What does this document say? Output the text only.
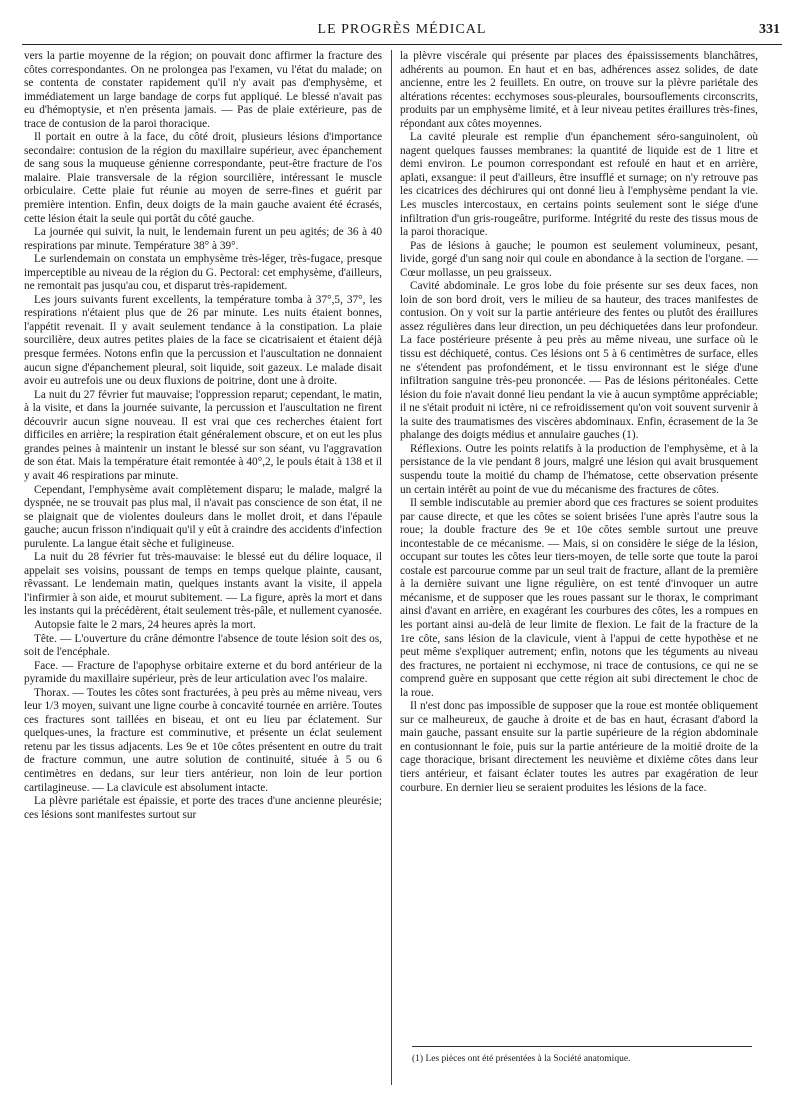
LE PROGRÈS MÉDICAL	331

vers la partie moyenne de la région; on pouvait donc affirmer la fracture des côtes correspondantes. On ne prolongea pas l'examen, vu l'état du malade; on se contenta de constater rapidement qu'il n'y avait pas d'emphysème, et immédiatement un large bandage de corps fut appliqué. Le blessé n'avait pas eu d'hémoptysie, et n'en présenta jamais. — Pas de plaie extérieure, pas de trace de contusion de la paroi thoracique.

Il portait en outre à la face, du côté droit, plusieurs lésions d'importance secondaire: contusion de la région du maxillaire supérieur, avec épanchement de sang sous la muqueuse génienne correspondante, peut-être fracture de l'os malaire. Plaie transversale de la région sourcilière, intéressant le muscle orbiculaire. Cette plaie fut réunie au moyen de serre-fines et guérit par première intention. Enfin, deux doigts de la main gauche avaient été écrasés, cette lésion était la seule qui portât du côté gauche.

La journée qui suivit, la nuit, le lendemain furent un peu agités; de 36 à 40 respirations par minute. Température 38° à 39°.

Le surlendemain on constata un emphysème très-léger, très-fugace, presque imperceptible au niveau de la région du G. Pectoral: cet emphysème, d'ailleurs, ne remontait pas jusqu'au cou, et disparut très-rapidement.

Les jours suivants furent excellents, la température tomba à 37°,5, 37°, les respirations n'étaient plus que de 26 par minute. Les nuits étaient bonnes, l'appétit revenait. Il y avait seulement tendance à la constipation. La plaie sourcilière, deux autres petites plaies de la face se cicatrisaient et étaient déjà presque fermées. Notons enfin que la percussion et l'auscultation ne donnaient aucun signe d'épanchement pleural, soit liquide, soit gazeux. Le malade disait avoir eu autrefois une ou deux fluxions de poitrine, dont une à droite.

La nuit du 27 février fut mauvaise; l'oppression reparut; cependant, le matin, à la visite, et dans la journée suivante, la percussion et l'auscultation ne firent découvrir aucun signe nouveau. Il est vrai que ces recherches étaient fort difficiles en arrière; la respiration était généralement obscure, et on eut les plus grandes peines à maintenir un instant le blessé sur son séant, vu l'aggravation de son état. Mais la température était remontée à 40°,2, le pouls était à 138 et il y avait 46 respirations par minute.

Cependant, l'emphysème avait complètement disparu; le malade, malgré la dyspnée, ne se trouvait pas plus mal, il n'avait pas conscience de son état, il ne se plaignait que de violentes douleurs dans le mollet droit, et dans l'épaule gauche; aucun frisson n'indiquait qu'il y eût à craindre des accidents d'infection purulente. La langue était sèche et fuligineuse.

La nuit du 28 février fut très-mauvaise: le blessé eut du délire loquace, il appelait ses voisins, poussant de temps en temps quelque plainte, causant, rêvassant. Le lendemain matin, quelques instants avant la visite, il appela l'infirmier à son aide, et mourut subitement. — La figure, après la mort et dans les instants qui la précédèrent, était seulement très-pâle, et nullement cyanosée.

Autopsie faite le 2 mars, 24 heures après la mort.

Tête. — L'ouverture du crâne démontre l'absence de toute lésion soit des os, soit de l'encéphale.

Face. — Fracture de l'apophyse orbitaire externe et du bord antérieur de la pyramide du maxillaire supérieur, près de leur articulation avec l'os malaire.

Thorax. — Toutes les côtes sont fracturées, à peu près au même niveau, vers leur 1/3 moyen, suivant une ligne courbe à concavité tournée en arrière. Toutes ces fractures sont taillées en biseau, et ont eu lieu par éclatement. Sur quelques-unes, la fracture est comminutive, et présente un éclat seulement retenu par les tissus adjacents. Les 9e et 10e côtes présentent en outre du trait de fracture commun, une autre solution de continuité, située à 5 ou 6 centimètres en dedans, sur leur tiers antérieur, non loin de leur portion cartilagineuse. — La clavicule est absolument intacte.

La plèvre pariétale est épaissie, et porte des traces d'une ancienne pleurésie; ces lésions sont manifestes surtout sur

la plèvre viscérale qui présente par places des épaississements blanchâtres, adhérents au poumon. En haut et en bas, adhérences assez solides, de date ancienne, entre les 2 feuillets. En outre, on trouve sur la plèvre pariétale des altérations récentes: ecchymoses sous-pleurales, boursouflements circonscrits, produits par un emphysème limité, et à leur niveau petites éraillures très-fines, répondant aux côtes moyennes.

La cavité pleurale est remplie d'un épanchement séro-sanguinolent, où nagent quelques fausses membranes: la quantité de liquide est de 1 litre et demi environ. Le poumon correspondant est refoulé en haut et en arrière, aplati, exsangue: il peut d'ailleurs, être insufflé et surnage; on n'y retrouve pas les cicatrices des déchirures qui ont donné lieu à l'emphysème pendant la vie. Les muscles intercostaux, en certains points seulement sont le siége d'une infiltration d'un gris-rougeâtre, puriforme. Intégrité du reste des tissus mous de la paroi thoracique.

Pas de lésions à gauche; le poumon est seulement volumineux, pesant, livide, gorgé d'un sang noir qui coule en abondance à la section de l'organe. — Cœur mollasse, un peu graisseux.

Cavité abdominale. Le gros lobe du foie présente sur ses deux faces, non loin de son bord droit, vers le milieu de sa hauteur, des traces manifestes de contusion. On y voit sur la partie antérieure des fentes ou plutôt des éraillures assez régulières dans leur direction, un peu déchiquetées dans leur profondeur. La face postérieure présente à peu près au même niveau, une surface où le tissu est déchiqueté, contus. Ces lésions ont 5 à 6 centimètres de surface, elles ne s'étendent pas profondément, et le tissu environnant est le siége d'une infiltration sanguine très-peu prononcée. — Pas de lésions péritonéales. Cette lésion du foie n'avait donné lieu pendant la vie à aucun symptôme appréciable; il ne s'était produit ni ictère, ni ce refroidissement qu'on voit souvent survenir à la suite des traumatismes des viscères abdominaux. Enfin, écrasement de la 3e phalange des doigts médius et annulaire gauches (1).

Réflexions. Outre les points relatifs à la production de l'emphysème, et à la persistance de la vie pendant 8 jours, malgré une lésion qui avait brusquement suspendu toute la moitié du champ de l'hématose, cette observation présente un certain intérêt au point de vue du mécanisme des fractures de côtes.

Il semble indiscutable au premier abord que ces fractures se soient produites par cause directe, et que les côtes se soient brisées l'une après l'autre sous la roue; la double fracture des 9e et 10e côtes semble surtout une preuve incontestable de ce mécanisme. — Mais, si on considère le siége de la lésion, occupant sur toutes les côtes leur tiers-moyen, de telle sorte que toute la paroi costale est parcourue comme par un seul trait de fracture, allant de la première à la dernière suivant une ligne régulière, on est tenté d'invoquer un autre mécanisme, et de supposer que les roues passant sur le thorax, le comprimant ainsi d'avant en arrière, en exagérant les courbures des côtes, les a rompues en les portant ainsi au-delà de leur limite de flexion. Le fait de la fracture de la 1re côte, sans lésion de la clavicule, vient à l'appui de cette hypothèse et ne peut même s'expliquer autrement; enfin, notons que les téguments au niveau des fractures, ne portaient ni ecchymose, ni trace de contusions, ce qui ne se comprend guère en supposant que cette région ait subi directement le choc de la roue.

Il n'est donc pas impossible de supposer que la roue est montée obliquement sur ce malheureux, de gauche à droite et de bas en haut, écrasant d'abord la main gauche, passant ensuite sur la partie supérieure de la région abdominale en contusionnant le foie, puis sur la partie antérieure de la moitié droite de la cage thoracique, brisant directement les neuvième et dixième côtes dans leur tiers antérieur, et faisant éclater toutes les autres par exagération de leur courbure. En dernier lieu se seraient produites les lésions de la face.

(1) Les pièces ont été présentées à la Société anatomique.
